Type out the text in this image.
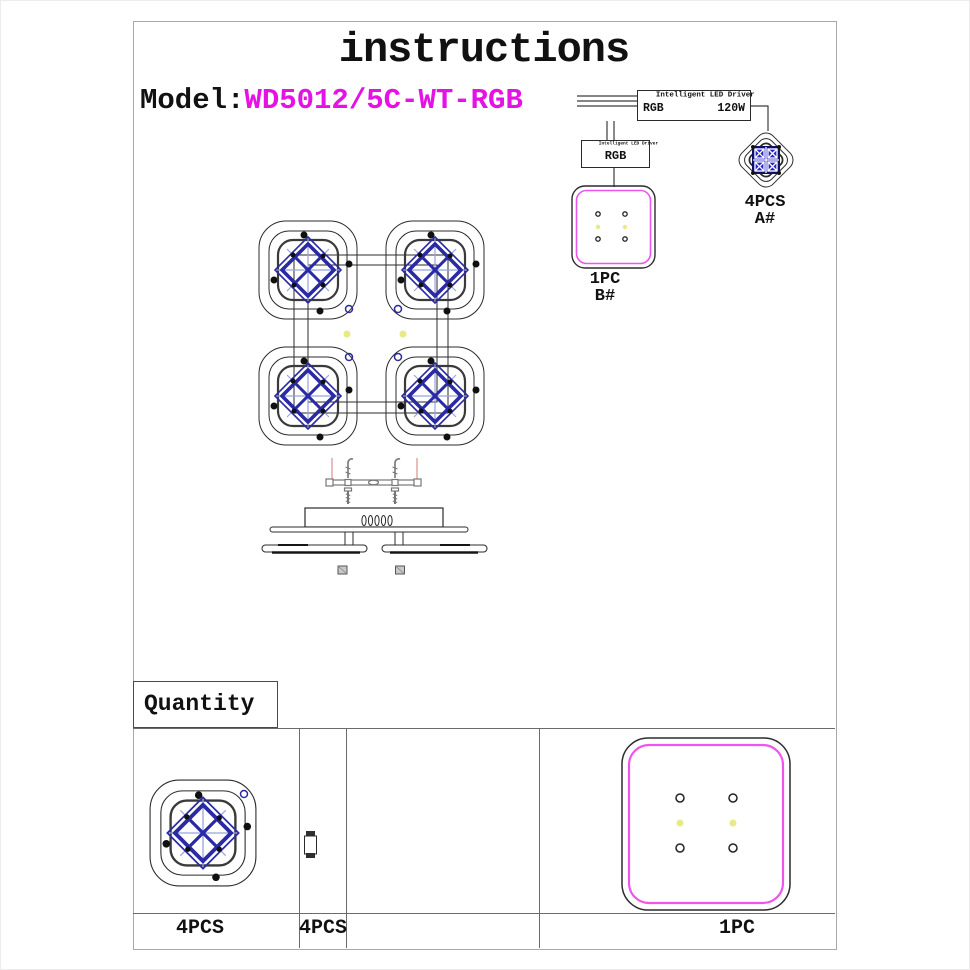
instructions
Model:WD5012/5C-WT-RGB	Intelligent LED Driver
RGB	120W
Intelligent LED Driver
RGB
4PCS
A#
1PC
B#
Quantity
4PCS	4PCS	1PC
